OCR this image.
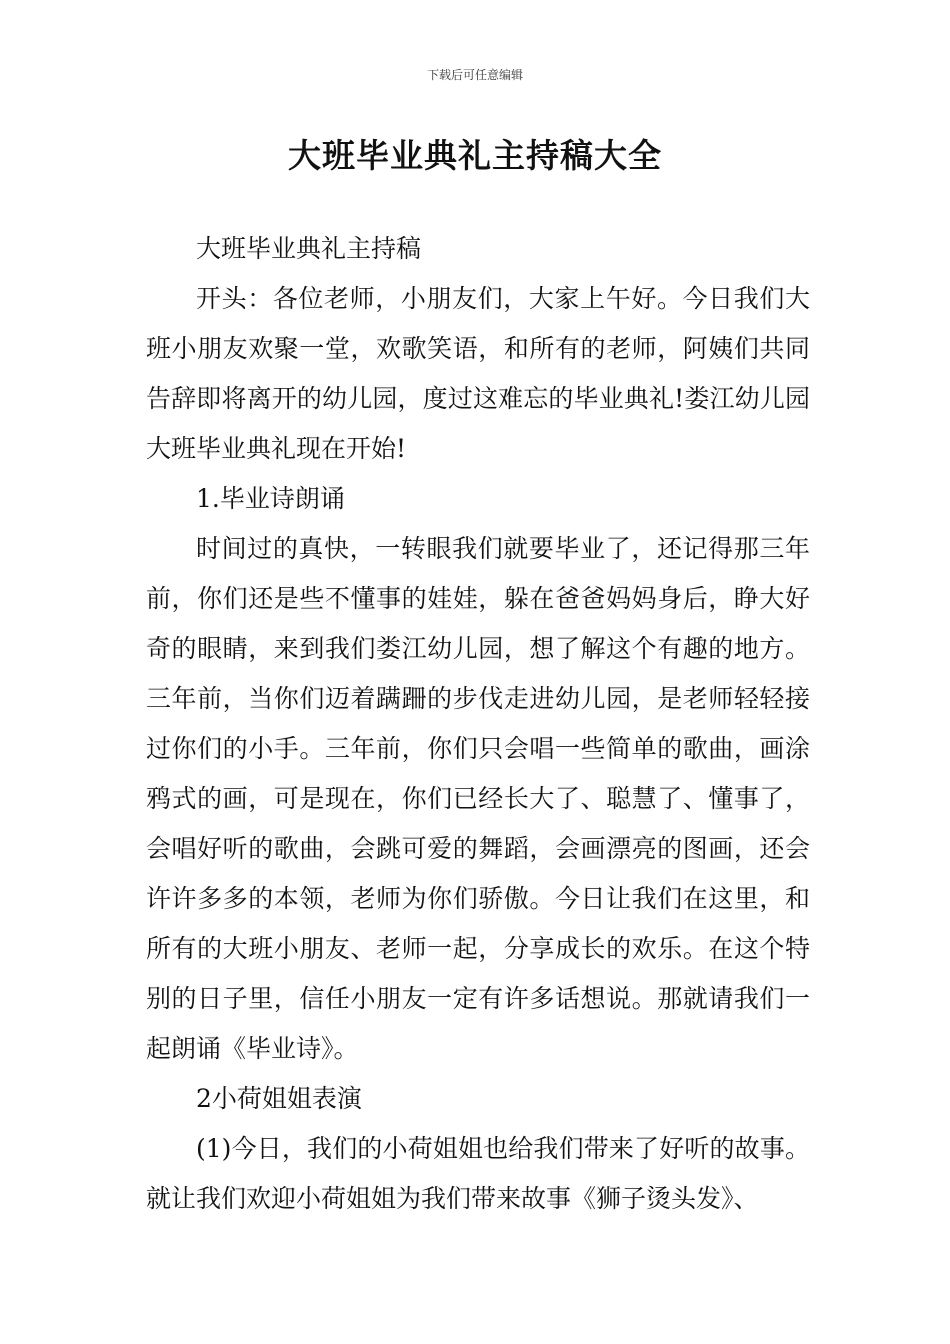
下载后可任意编辑
大班毕业典礼主持稿大全

大班毕业典礼主持稿

开头：各位老师，小朋友们，大家上午好。今日我们大班小朋友欢聚一堂，欢歌笑语，和所有的老师，阿姨们共同告辞即将离开的幼儿园，度过这难忘的毕业典礼!娄江幼儿园大班毕业典礼现在开始!

1.毕业诗朗诵

时间过的真快，一转眼我们就要毕业了，还记得那三年前，你们还是些不懂事的娃娃，躲在爸爸妈妈身后，睁大好奇的眼睛，来到我们娄江幼儿园，想了解这个有趣的地方。三年前，当你们迈着蹒跚的步伐走进幼儿园，是老师轻轻接过你们的小手。三年前，你们只会唱一些简单的歌曲，画涂鸦式的画，可是现在，你们已经长大了、聪慧了、懂事了，会唱好听的歌曲，会跳可爱的舞蹈，会画漂亮的图画，还会许许多多的本领，老师为你们骄傲。今日让我们在这里，和所有的大班小朋友、老师一起，分享成长的欢乐。在这个特别的日子里，信任小朋友一定有许多话想说。那就请我们一起朗诵《毕业诗》。

2小荷姐姐表演

(1)今日，我们的小荷姐姐也给我们带来了好听的故事。就让我们欢迎小荷姐姐为我们带来故事《狮子烫头发》、
